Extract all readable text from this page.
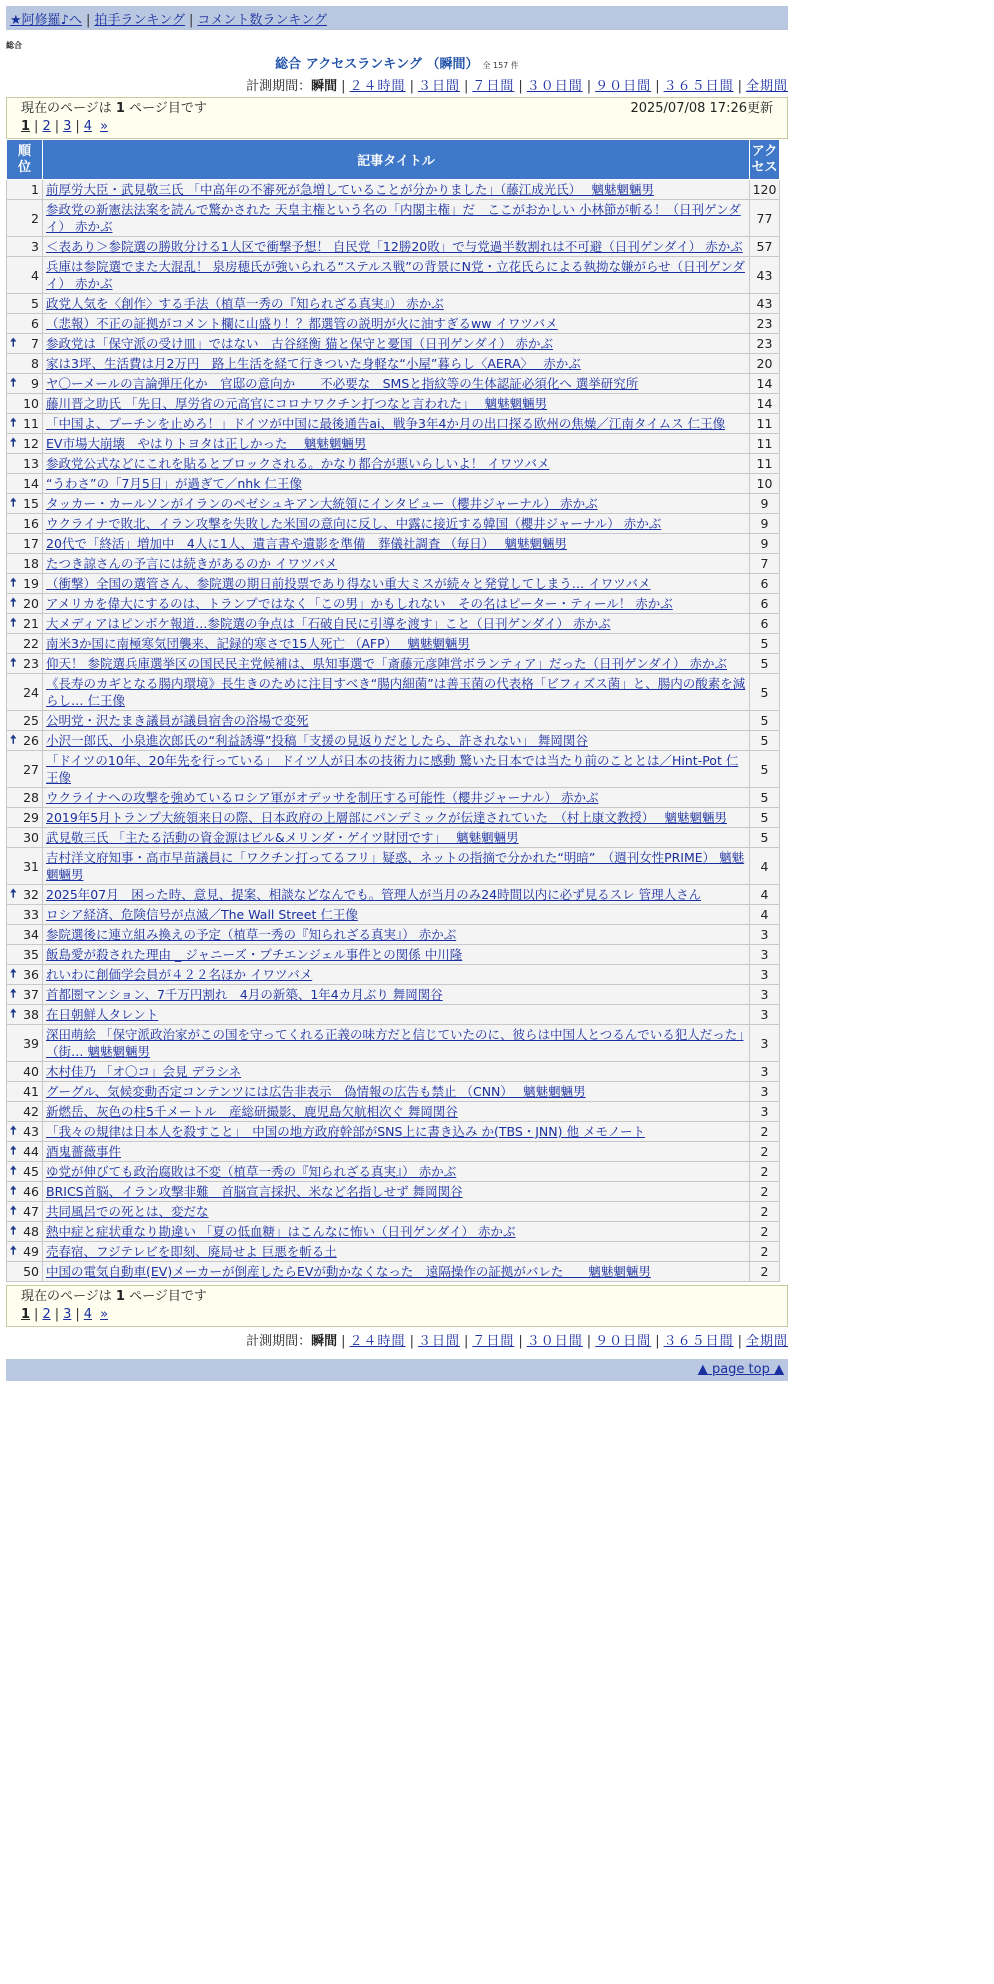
★阿修羅♪へ | 拍手ランキング | コメント数ランキング
総合
総合 アクセスランキング （瞬間） 全 157 件
計測期間：瞬間 | ２４時間 | ３日間 | ７日間 | ３０日間 | ９０日間 | ３６５日間 | 全期間
現在のページは 1 ページ目です	2025/07/08 17:26更新
1 | 2 | 3 | 4 »
順位	記事タイトル	アクセス
1	前厚労大臣・武見敬三氏 「中高年の不審死が急増していることが分かりました」（藤江成光氏）　 魑魅魍魎男	120
2	参政党の新憲法法案を読んで驚かされた 天皇主権という名の「内閣主権」だ　ここがおかしい 小林節が斬る！（日刊ゲンダイ） 赤かぶ	77
3	＜表あり＞参院選の勝敗分ける1人区で衝撃予想！ 自民党「12勝20敗」で与党過半数割れは不可避（日刊ゲンダイ） 赤かぶ	57
4	兵庫は参院選でまた大混乱！ 泉房穂氏が強いられる“ステルス戦”の背景にN党・立花氏らによる執拗な嫌がらせ（日刊ゲンダイ） 赤かぶ	43
5	政党人気を〈創作〉する手法（植草一秀の『知られざる真実』） 赤かぶ	43
6	（悲報）不正の証拠がコメント欄に山盛り！？都選管の説明が火に油すぎるww イワツバメ	23

🠅 7	参政党は「保守派の受け皿」ではない　古谷経衡 猫と保守と憂国（日刊ゲンダイ） 赤かぶ	23
8	家は3坪、生活費は月2万円　路上生活を経て行きついた身軽な“小屋”暮らし〈AERA〉　 赤かぶ	20

🠅 9	ヤ〇ーメールの言論弾圧化か　官邸の意向か　　不必要な　SMSと指紋等の生体認証必須化へ 選挙研究所	14
10	藤川晋之助氏 「先日、厚労省の元高官にコロナワクチン打つなと言われた」　 魑魅魍魎男	14

🠅 11	「中国よ、プーチンを止めろ！」ドイツが中国に最後通告ai、戦争3年4か月の出口探る欧州の焦燥／江南タイムス 仁王像	11

🠅 12	EV市場大崩壊　やはりトヨタは正しかった　 魑魅魍魎男	11
13	参政党公式などにこれを貼るとブロックされる。かなり都合が悪いらしいよ！ イワツバメ	11
14	“うわさ”の「7月5日」が過ぎて／nhk 仁王像	10

🠅 15	タッカー・カールソンがイランのペゼシュキアン大統領にインタビュー（櫻井ジャーナル） 赤かぶ	9
16	ウクライナで敗北、イラン攻撃を失敗した米国の意向に反し、中露に接近する韓国（櫻井ジャーナル） 赤かぶ	9
17	20代で「終活」増加中　4人に1人、遺言書や遺影を準備　葬儀社調査 （毎日）　 魑魅魍魎男	9
18	たつき諒さんの予言には続きがあるのか イワツバメ	7

🠅 19	（衝撃）全国の選管さん、参院選の期日前投票であり得ない重大ミスが続々と発覚してしまう… イワツバメ	6

🠅 20	アメリカを偉大にするのは、トランプではなく「この男」かもしれない　その名はピーター・ティール！ 赤かぶ	6

🠅 21	大メディアはピンボケ報道…参院選の争点は「石破自民に引導を渡す」こと（日刊ゲンダイ） 赤かぶ	6
22	南米3か国に南極寒気団襲来、記録的寒さで15人死亡 （AFP）　 魑魅魍魎男	5

🠅 23	仰天！ 参院選兵庫選挙区の国民民主党候補は、県知事選で「斎藤元彦陣営ボランティア」だった（日刊ゲンダイ） 赤かぶ	5
24	《長寿のカギとなる腸内環境》長生きのために注目すべき“腸内細菌”は善玉菌の代表格「ビフィズス菌」と、腸内の酸素を減らし… 仁王像	5
25	公明党・沢たまき議員が議員宿舎の浴場で変死	5

🠅 26	小沢一郎氏、小泉進次郎氏の“利益誘導”投稿「支援の見返りだとしたら、許されない」 舞岡関谷	5
27	「ドイツの10年、20年先を行っている」 ドイツ人が日本の技術力に感動 驚いた日本では当たり前のこととは／Hint-Pot 仁王像	5
28	ウクライナへの攻撃を強めているロシア軍がオデッサを制圧する可能性（櫻井ジャーナル） 赤かぶ	5
29	2019年5月トランプ大統領来日の際、日本政府の上層部にパンデミックが伝達されていた　（村上康文教授）　 魑魅魍魎男	5
30	武見敬三氏 「主たる活動の資金源はビル&メリンダ・ゲイツ財団です」　 魑魅魍魎男	5
31	吉村洋文府知事・高市早苗議員に「ワクチン打ってるフリ」疑惑、ネットの指摘で分かれた“明暗”　（週刊女性PRIME） 魑魅魍魎男	4

🠅 32	2025年07月　困った時、意見、提案、相談などなんでも。管理人が当月のみ24時間以内に必ず見るスレ 管理人さん	4
33	ロシア経済、危険信号が点滅／The Wall Street 仁王像	4
34	参院選後に連立組み換えの予定（植草一秀の『知られざる真実』） 赤かぶ	3
35	飯島愛が殺された理由 _ ジャニーズ・プチエンジェル事件との関係 中川隆	3

🠅 36	れいわに創価学会員が４２２名ほか イワツバメ	3

🠅 37	首都圏マンション、7千万円割れ　4月の新築、1年4カ月ぶり 舞岡関谷	3

🠅 38	在日朝鮮人タレント	3
39	深田萌絵 「保守派政治家がこの国を守ってくれる正義の味方だと信じていたのに、彼らは中国人とつるんでいる犯人だった」（街… 魑魅魍魎男	3
40	木村佳乃 「オ〇コ」会見 デラシネ	3
41	グーグル、気候変動否定コンテンツには広告非表示　偽情報の広告も禁止 （CNN）　 魑魅魍魎男	3
42	新燃岳、灰色の柱5千メートル　産総研撮影、鹿児島欠航相次ぐ 舞岡関谷	3

🠅 43	「我々の規律は日本人を殺すこと」　中国の地方政府幹部がSNS上に書き込み か(TBS・JNN) 他 メモノート	2

🠅 44	酒鬼薔薇事件	2

🠅 45	ゆ党が伸びても政治腐敗は不変（植草一秀の『知られざる真実』） 赤かぶ	2

🠅 46	BRICS首脳、イラン攻撃非難　首脳宣言採択、米など名指しせず 舞岡関谷	2

🠅 47	共同風呂での死とは、変だな	2

🠅 48	熱中症と症状重なり勘違い 「夏の低血糖」はこんなに怖い（日刊ゲンダイ） 赤かぶ	2

🠅 49	売春宿、フジテレビを即刻、廃局せよ 巨悪を斬る土	2
50	中国の電気自動車(EV)メーカーが倒産したらEVが動かなくなった　遠隔操作の証拠がバレた　　魑魅魍魎男	2
現在のページは 1 ページ目です
1 | 2 | 3 | 4 »
計測期間：瞬間 | ２４時間 | ３日間 | ７日間 | ３０日間 | ９０日間 | ３６５日間 | 全期間
▲ page top ▲
